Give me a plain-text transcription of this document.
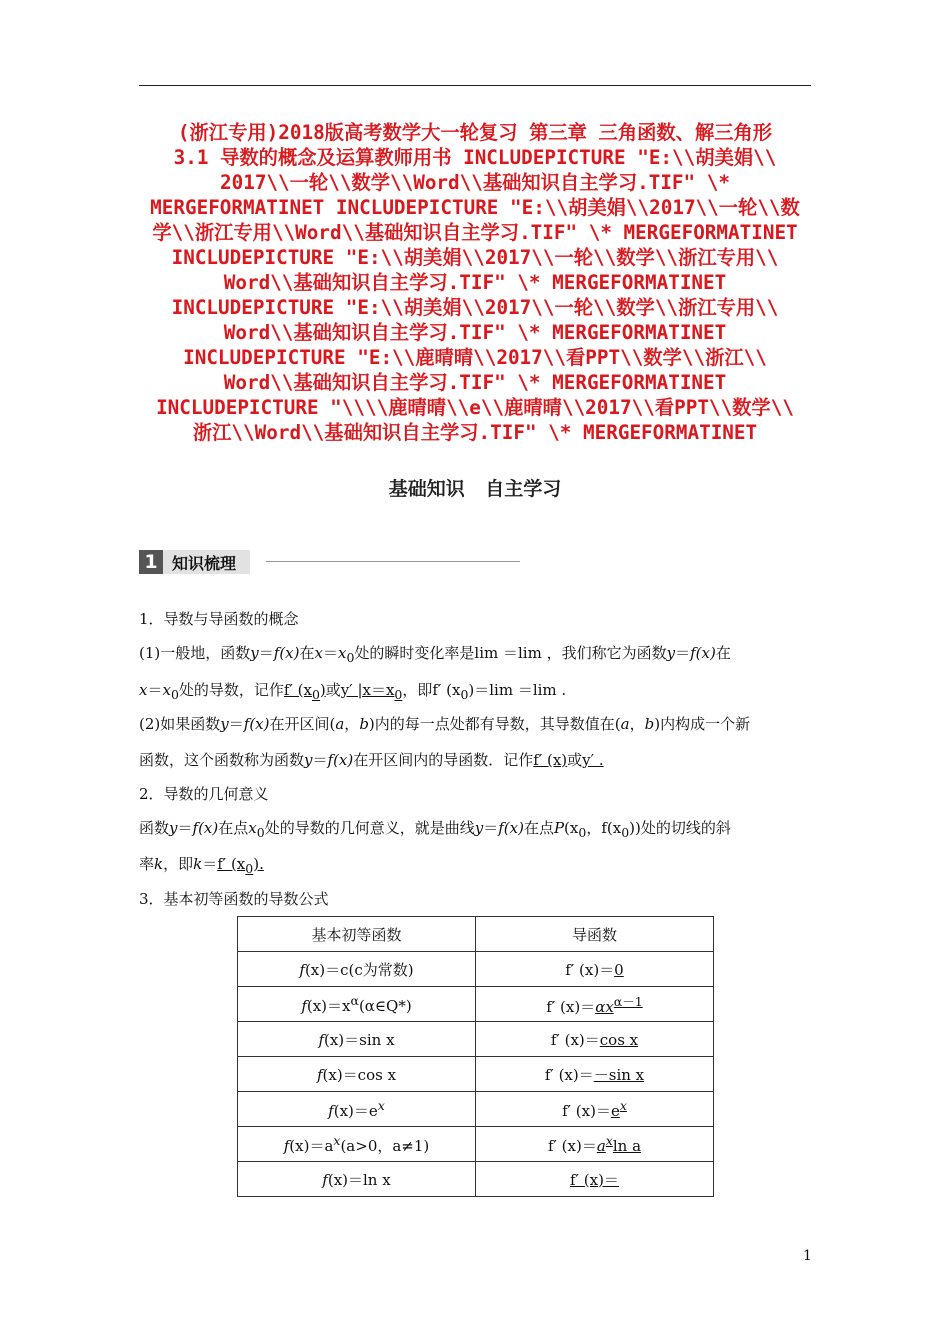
(浙江专用)2018版高考数学大一轮复习 第三章 三角函数、解三角形
3.1 导数的概念及运算教师用书 INCLUDEPICTURE "E:\\胡美娟\\
2017\\一轮\\数学\\Word\\基础知识自主学习.TIF" \*
MERGEFORMATINET INCLUDEPICTURE "E:\\胡美娟\\2017\\一轮\\数
学\\浙江专用\\Word\\基础知识自主学习.TIF" \* MERGEFORMATINET
INCLUDEPICTURE "E:\\胡美娟\\2017\\一轮\\数学\\浙江专用\\
Word\\基础知识自主学习.TIF" \* MERGEFORMATINET
INCLUDEPICTURE "E:\\胡美娟\\2017\\一轮\\数学\\浙江专用\\
Word\\基础知识自主学习.TIF" \* MERGEFORMATINET
INCLUDEPICTURE "E:\\鹿晴晴\\2017\\看PPT\\数学\\浙江\\
Word\\基础知识自主学习.TIF" \* MERGEFORMATINET
INCLUDEPICTURE "\\\\鹿晴晴\\e\\鹿晴晴\\2017\\看PPT\\数学\\
浙江\\Word\\基础知识自主学习.TIF" \* MERGEFORMATINET
基础知识 自主学习
1 知识梳理
1．导数与导函数的概念
(1)一般地，函数y＝f(x)在$x=x_0$处的瞬时变化率是lim ＝lim ，我们称它为函数y＝f(x)在
$x=x_0$处的导数，记作f′ $(x_0)$或y′ $|x=x_0$，即f′ $(x_0)=\lim =\lim$ .
(2)如果函数y＝f(x)在开区间(a，b)内的每一点处都有导数，其导数值在(a，b)内构成一个新
函数，这个函数称为函数y＝f(x)在开区间内的导函数．记作f′ (x)或y′ .
2．导数的几何意义
函数y＝f(x)在点$x_0$处的导数的几何意义，就是曲线y＝f(x)在点$P(x_0$，$f(x_0)$)处的切线的斜
率k，即k＝f′ $(x_0)$.
3．基本初等函数的导数公式
基本初等函数	导函数
f(x)＝c(c为常数)	f′ (x)＝0
$f(x)=x^\alpha(\alpha\in Q*)$	f′ $(x)=\alpha x^{\alpha-1}$
f(x)＝sin x	f′ (x)＝cos x
f(x)＝cos x	f′ (x)＝－sin x
$f(x)=e^x$	f′ $(x)=e^x$
$f(x)=a^x(a>0$，a≠1)	f′ $(x)=a^x\ln$ a
f(x)＝ln x	f′ (x)＝
1
